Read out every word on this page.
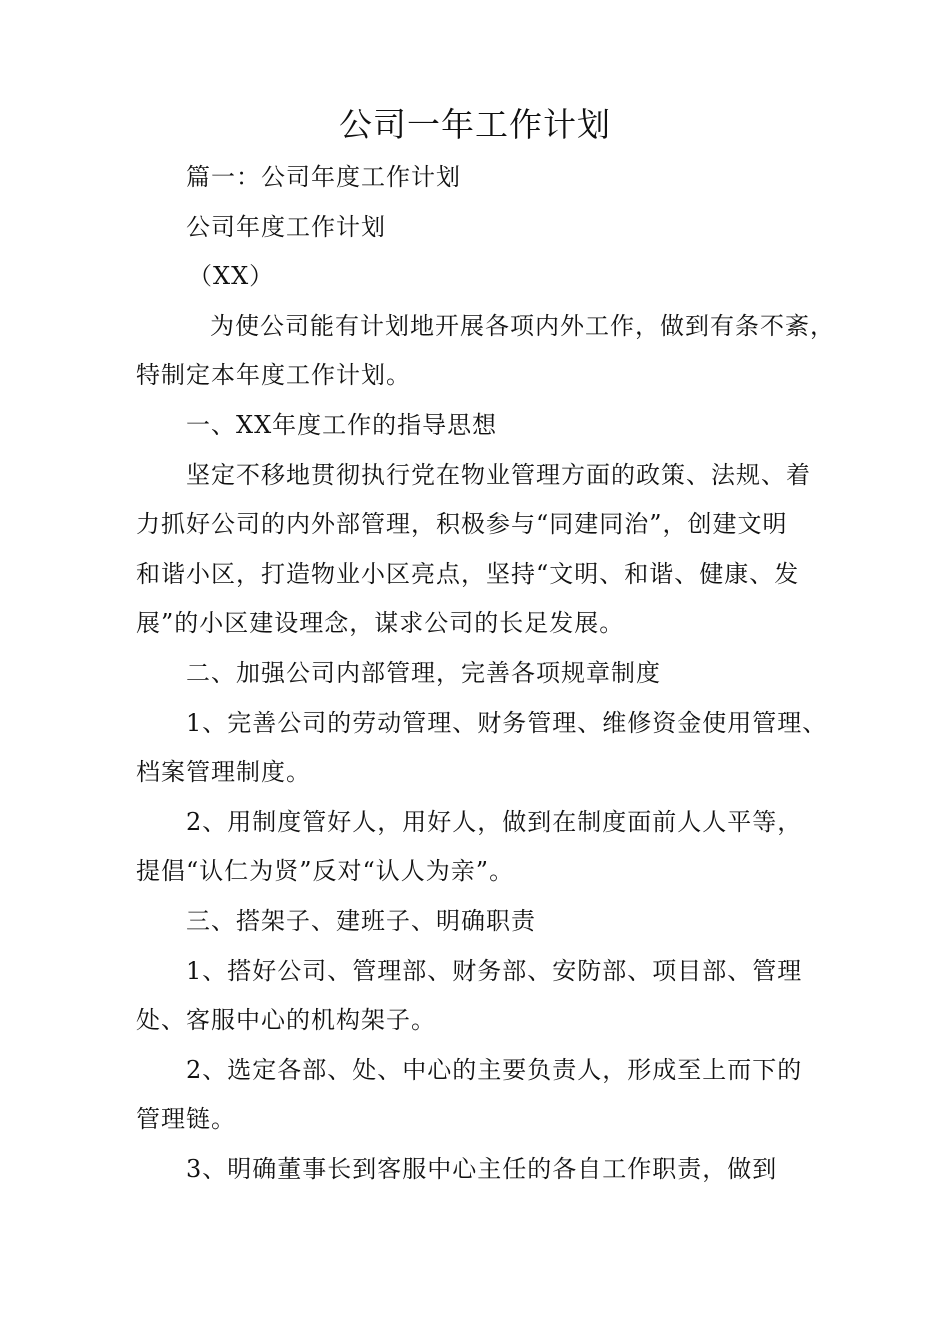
公司一年工作计划
篇一：公司年度工作计划
公司年度工作计划
（XX）
为使公司能有计划地开展各项内外工作，做到有条不紊，
特制定本年度工作计划。
一、XX年度工作的指导思想
坚定不移地贯彻执行党在物业管理方面的政策、法规、着
力抓好公司的内外部管理，积极参与“同建同治”，创建文明
和谐小区，打造物业小区亮点，坚持“文明、和谐、健康、发
展”的小区建设理念，谋求公司的长足发展。
二、加强公司内部管理，完善各项规章制度
1、完善公司的劳动管理、财务管理、维修资金使用管理、
档案管理制度。
2、用制度管好人，用好人，做到在制度面前人人平等，
提倡“认仁为贤”反对“认人为亲”。
三、搭架子、建班子、明确职责
1、搭好公司、管理部、财务部、安防部、项目部、管理
处、客服中心的机构架子。
2、选定各部、处、中心的主要负责人，形成至上而下的
管理链。
3、明确董事长到客服中心主任的各自工作职责，做到
